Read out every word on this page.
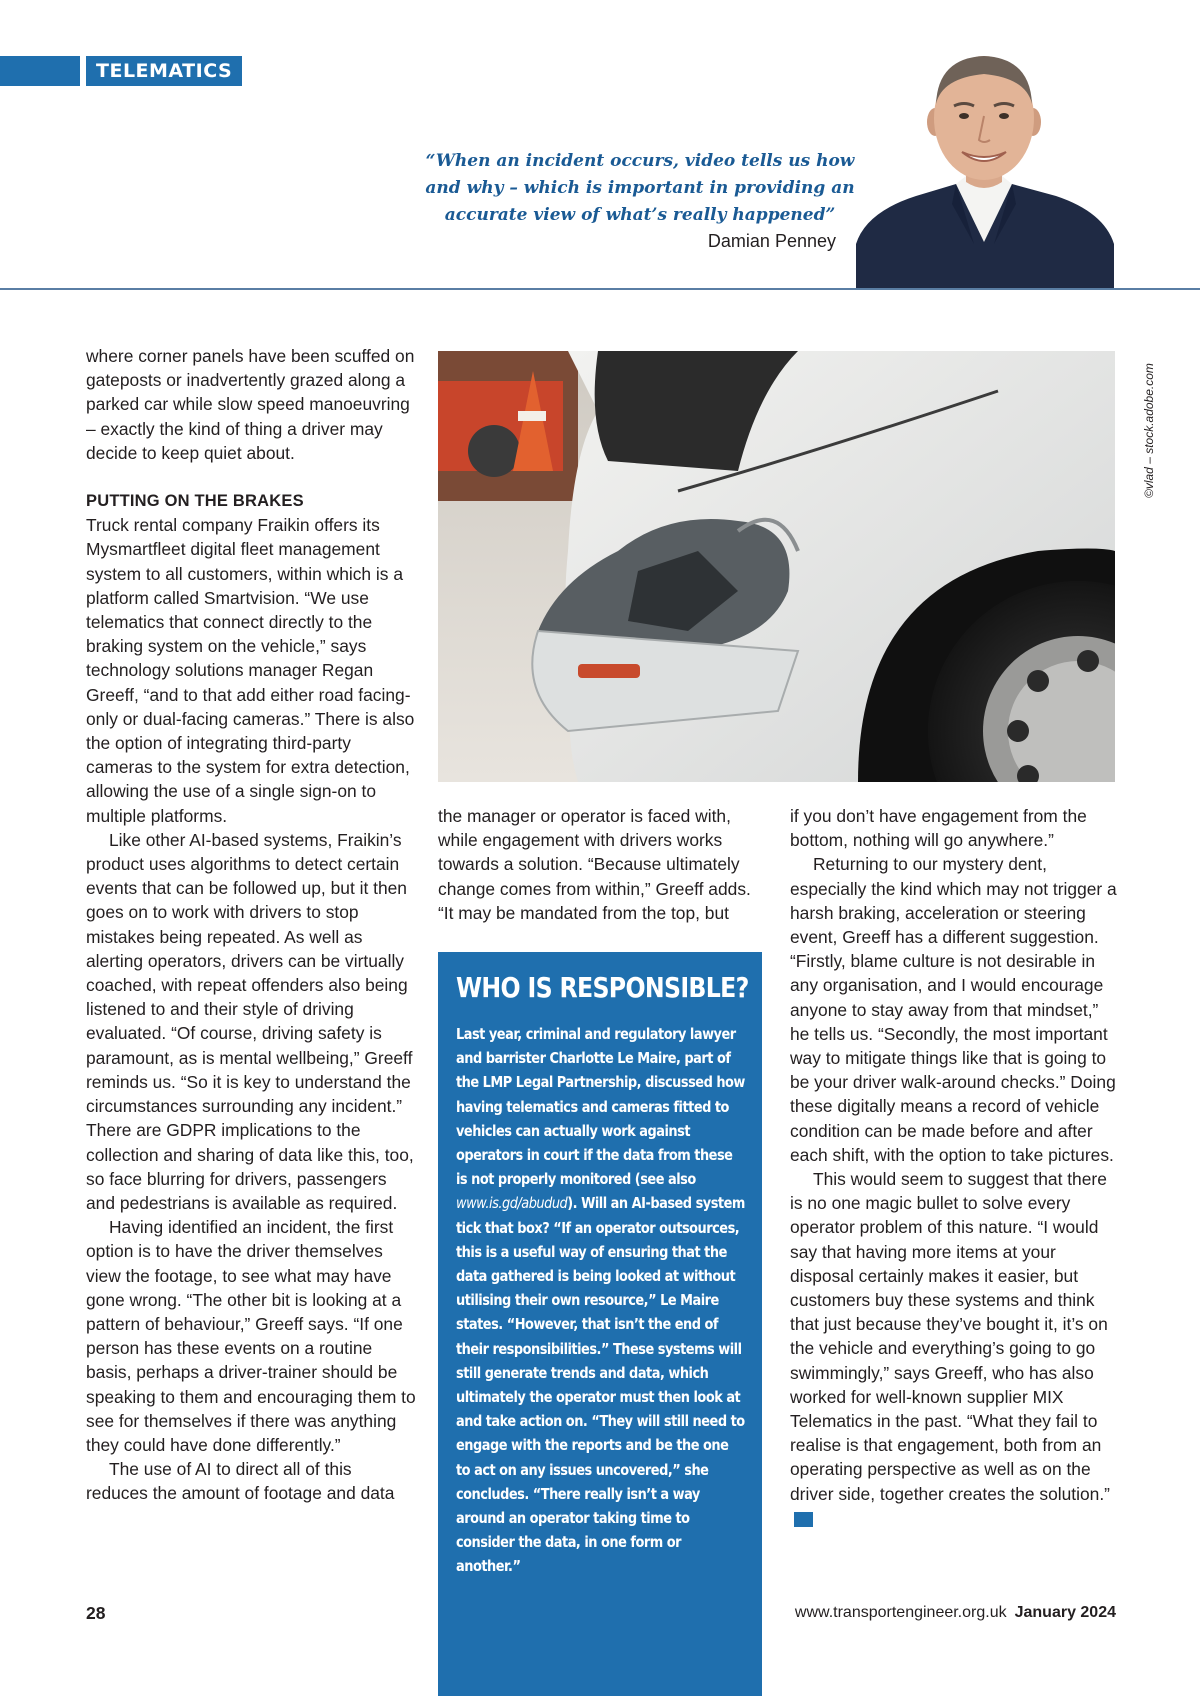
TELEMATICS
“When an incident occurs, video tells us how and why – which is important in providing an accurate view of what’s really happened”
Damian Penney

where corner panels have been scuffed on gateposts or inadvertently grazed along a parked car while slow speed manoeuvring – exactly the kind of thing a driver may decide to keep quiet about.

PUTTING ON THE BRAKES

Truck rental company Fraikin offers its Mysmartfleet digital fleet management system to all customers, within which is a platform called Smartvision. “We use telematics that connect directly to the braking system on the vehicle,” says technology solutions manager Regan Greeff, “and to that add either road facing-only or dual-facing cameras.” There is also the option of integrating third-party cameras to the system for extra detection, allowing the use of a single sign-on to multiple platforms.

Like other AI-based systems, Fraikin’s product uses algorithms to detect certain events that can be followed up, but it then goes on to work with drivers to stop mistakes being repeated. As well as alerting operators, drivers can be virtually coached, with repeat offenders also being listened to and their style of driving evaluated. “Of course, driving safety is paramount, as is mental wellbeing,” Greeff reminds us. “So it is key to understand the circumstances surrounding any incident.” There are GDPR implications to the collection and sharing of data like this, too, so face blurring for drivers, passengers and pedestrians is available as required.

Having identified an incident, the first option is to have the driver themselves view the footage, to see what may have gone wrong. “The other bit is looking at a pattern of behaviour,” Greeff says. “If one person has these events on a routine basis, perhaps a driver-trainer should be speaking to them and encouraging them to see for themselves if there was anything they could have done differently.”

The use of AI to direct all of this reduces the amount of footage and data

©vlad – stock.adobe.com

the manager or operator is faced with, while engagement with drivers works towards a solution. “Because ultimately change comes from within,” Greeff adds. “It may be mandated from the top, but

WHO IS RESPONSIBLE?
Last year, criminal and regulatory lawyer and barrister Charlotte Le Maire, part of the LMP Legal Partnership, discussed how having telematics and cameras fitted to vehicles can actually work against operators in court if the data from these is not properly monitored (see also www.is.gd/abudud). Will an AI-based system tick that box? “If an operator outsources, this is a useful way of ensuring that the data gathered is being looked at without utilising their own resource,” Le Maire states. “However, that isn’t the end of their responsibilities.” These systems will still generate trends and data, which ultimately the operator must then look at and take action on. “They will still need to engage with the reports and be the one to act on any issues uncovered,” she concludes. “There really isn’t a way around an operator taking time to consider the data, in one form or another.”

if you don’t have engagement from the bottom, nothing will go anywhere.”

Returning to our mystery dent, especially the kind which may not trigger a harsh braking, acceleration or steering event, Greeff has a different suggestion. “Firstly, blame culture is not desirable in any organisation, and I would encourage anyone to stay away from that mindset,” he tells us. “Secondly, the most important way to mitigate things like that is going to be your driver walk-around checks.” Doing these digitally means a record of vehicle condition can be made before and after each shift, with the option to take pictures.

This would seem to suggest that there is no one magic bullet to solve every operator problem of this nature. “I would say that having more items at your disposal certainly makes it easier, but customers buy these systems and think that just because they’ve bought it, it’s on the vehicle and everything’s going to go swimmingly,” says Greeff, who has also worked for well-known supplier MIX Telematics in the past. “What they fail to realise is that engagement, both from an operating perspective as well as on the driver side, together creates the solution.”TE

28	www.transportengineer.org.uk January 2024
